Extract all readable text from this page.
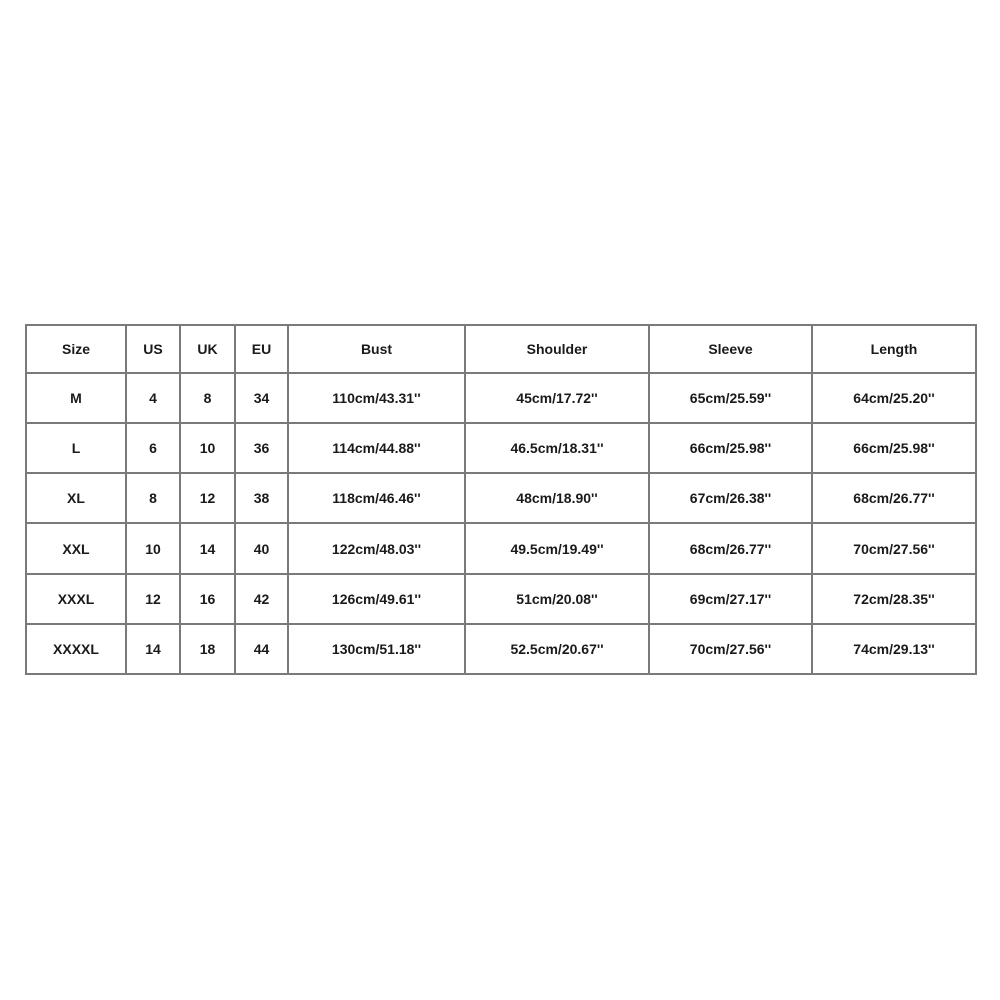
Size	US	UK	EU	Bust	Shoulder	Sleeve	Length
M	4	8	34	110cm/43.31''	45cm/17.72''	65cm/25.59''	64cm/25.20''
L	6	10	36	114cm/44.88''	46.5cm/18.31''	66cm/25.98''	66cm/25.98''
XL	8	12	38	118cm/46.46''	48cm/18.90''	67cm/26.38''	68cm/26.77''
XXL	10	14	40	122cm/48.03''	49.5cm/19.49''	68cm/26.77''	70cm/27.56''
XXXL	12	16	42	126cm/49.61''	51cm/20.08''	69cm/27.17''	72cm/28.35''
XXXXL	14	18	44	130cm/51.18''	52.5cm/20.67''	70cm/27.56''	74cm/29.13''
